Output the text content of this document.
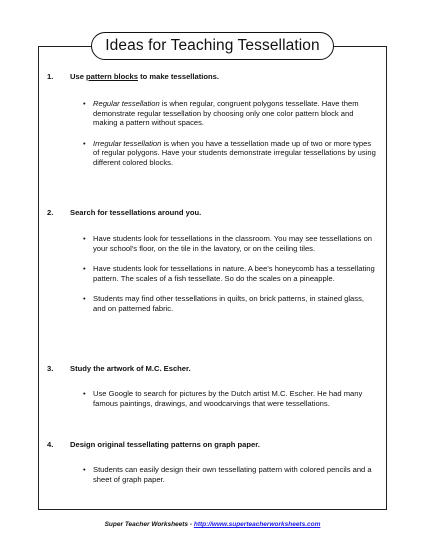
Ideas for Teaching Tessellation
1.	Use pattern blocks to make tessellations.
• Regular tessellation is when regular, congruent polygons tessellate. Have them demonstrate regular tessellation by choosing only one color pattern block and making a pattern without spaces.
• Irregular tessellation is when you have a tessellation made up of two or more types of regular polygons. Have your students demonstrate irregular tessellations by using different colored blocks.
2.	Search for tessellations around you.
• Have students look for tessellations in the classroom. You may see tessellations on your school's floor, on the tile in the lavatory, or on the ceiling tiles.
• Have students look for tessellations in nature. A bee's honeycomb has a tessellating pattern. The scales of a fish tessellate. So do the scales on a pineapple.
• Students may find other tessellations in quilts, on brick patterns, in stained glass, and on patterned fabric.
3.	Study the artwork of M.C. Escher.
• Use Google to search for pictures by the Dutch artist M.C. Escher. He had many famous paintings, drawings, and woodcarvings that were tessellations.
4.	Design original tessellating patterns on graph paper.
• Students can easily design their own tessellating pattern with colored pencils and a sheet of graph paper.
Super Teacher Worksheets - http://www.superteacherworksheets.com
